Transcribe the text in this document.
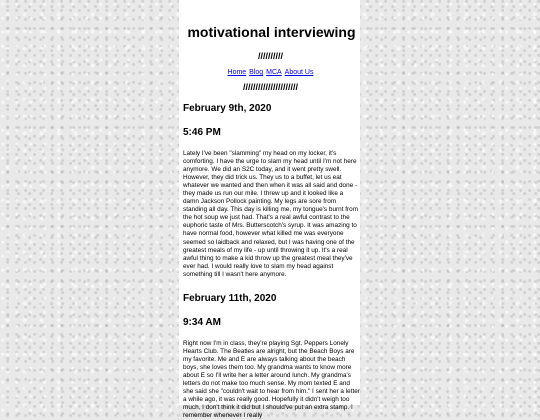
motivational interviewing
//////////
Home Blog MCA About Us
//////////////////////
February 9th, 2020
5:46 PM
Lately I've been "slamming" my head on my locker, it's comforting. I have the urge to slam my head until I'm not here anymore. We did an S2C today, and it went pretty swell. However, they did trick us. They us to a buffet, let us eat whatever we wanted and then when it was all said and done - they made us run our mile. I threw up and it looked like a damn Jackson Pollock painting. My legs are sore from standing all day. This day is killing me, my tongue's burnt from the hot soup we just had. That's a real awful contrast to the euphoric taste of Mrs. Butterscotch's syrup. It was amazing to have normal food, however what killed me was everyone seemed so laidback and relaxed, but I was having one of the greatest meals of my life - up until throwing it up. It's a real awful thing to make a kid throw up the greatest meal they've ever had. I would really love to slam my head against something till I wasn't here anymore.
February 11th, 2020
9:34 AM
Right now I'm in class, they're playing Sgt. Peppers Lonely Hearts Club. The Beatles are alright, but the Beach Boys are my favorite. Me and E are always talking about the beach boys, she loves them too. My grandma wants to know more about E so I'll write her a letter around lunch. My grandma's letters do not make too much sense. My mom texted E and she said she "couldn't wait to hear from him." I sent her a letter a while ago, it was really good. Hopefully it didn't weigh too much, I don't think it did but I should've put an extra stamp. I remember whenever I really
